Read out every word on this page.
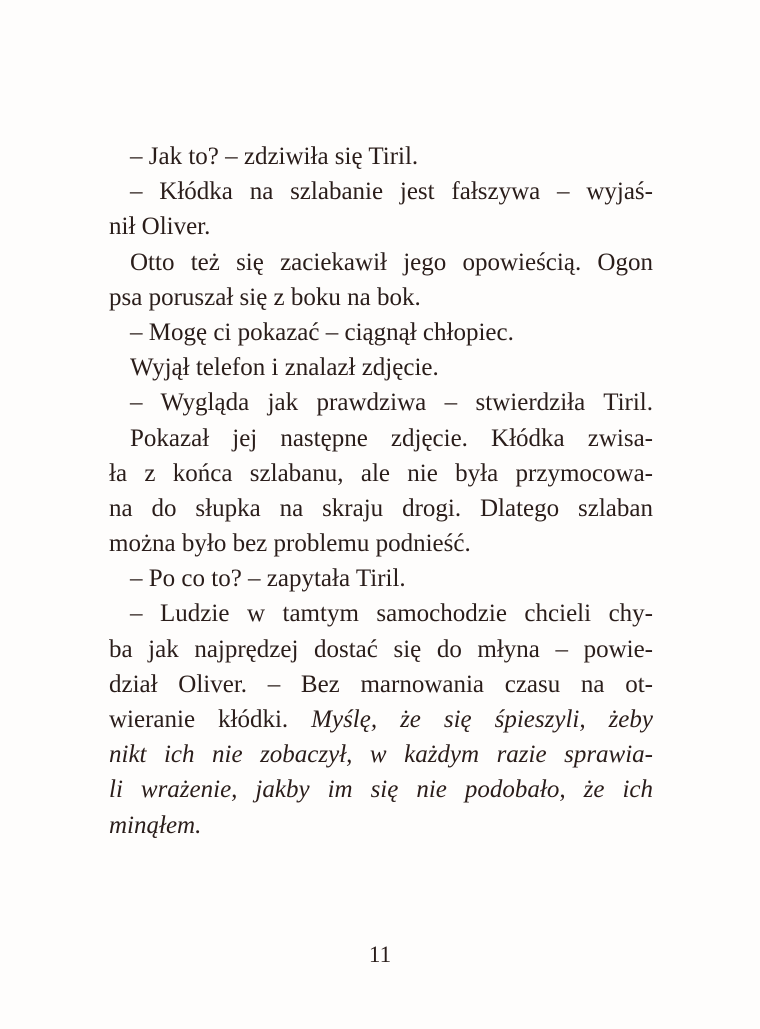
– Jak to? – zdziwiła się Tiril.
– Kłódka na szlabanie jest fałszywa – wyjaś-
nił Oliver.
Otto też się zaciekawił jego opowieścią. Ogon
psa poruszał się z boku na bok.
– Mogę ci pokazać – ciągnął chłopiec.
Wyjął telefon i znalazł zdjęcie.
– Wygląda jak prawdziwa – stwierdziła Tiril.
Pokazał jej następne zdjęcie. Kłódka zwisa-
ła z końca szlabanu, ale nie była przymocowa-
na do słupka na skraju drogi. Dlatego szlaban
można było bez problemu podnieść.
– Po co to? – zapytała Tiril.
– Ludzie w tamtym samochodzie chcieli chy-
ba jak najprędzej dostać się do młyna – powie-
dział Oliver. – Bez marnowania czasu na ot-
wieranie kłódki. Myślę, że się śpieszyli, żeby
nikt ich nie zobaczył, w każdym razie sprawia-
li wrażenie, jakby im się nie podobało, że ich
minąłem.
11
